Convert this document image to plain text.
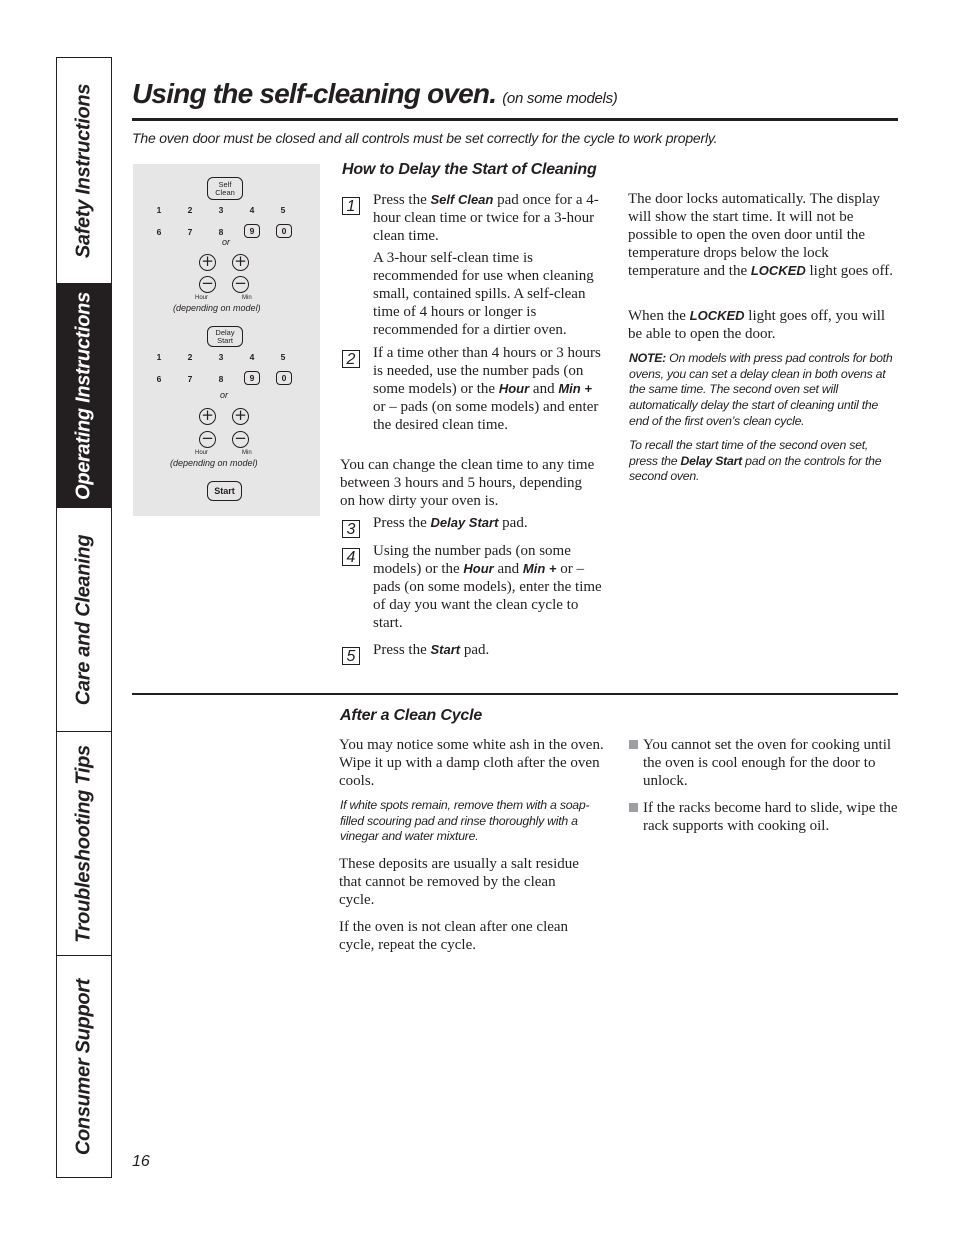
Safety Instructions
Operating Instructions
Care and Cleaning
Troubleshooting Tips
Consumer Support
Using the self-cleaning oven. (on some models)
The oven door must be closed and all controls must be set correctly for the cycle to work properly.
Self
Clean
1	2	3	4	5
6	7	8	9	0
or
+ +
− −
Hour	Min
(depending on model)
Delay
Start
1	2	3	4	5
6	7	8	9	0
or
+ +
− −
Hour	Min
(depending on model)
Start
How to Delay the Start of Cleaning
1	Press the Self Clean pad once for a 4-hour clean time or twice for a 3-hour clean time.
A 3-hour self-clean time is recommended for use when cleaning small, contained spills. A self-clean time of 4 hours or longer is recommended for a dirtier oven.
2	If a time other than 4 hours or 3 hours is needed, use the number pads (on some models) or the Hour and Min + or – pads (on some models) and enter the desired clean time.
You can change the clean time to any time between 3 hours and 5 hours, depending on how dirty your oven is.
3	Press the Delay Start pad.
4	Using the number pads (on some models) or the Hour and Min + or – pads (on some models), enter the time of day you want the clean cycle to start.
5	Press the Start pad.
The door locks automatically. The display will show the start time. It will not be possible to open the oven door until the temperature drops below the lock temperature and the LOCKED light goes off.
When the LOCKED light goes off, you will be able to open the door.
NOTE: On models with press pad controls for both ovens, you can set a delay clean in both ovens at the same time. The second oven set will automatically delay the start of cleaning until the end of the first oven’s clean cycle.
To recall the start time of the second oven set, press the Delay Start pad on the controls for the second oven.
After a Clean Cycle
You may notice some white ash in the oven. Wipe it up with a damp cloth after the oven cools.
If white spots remain, remove them with a soap-filled scouring pad and rinse thoroughly with a vinegar and water mixture.
These deposits are usually a salt residue that cannot be removed by the clean cycle.
If the oven is not clean after one clean cycle, repeat the cycle.
You cannot set the oven for cooking until the oven is cool enough for the door to unlock.
If the racks become hard to slide, wipe the rack supports with cooking oil.
16
